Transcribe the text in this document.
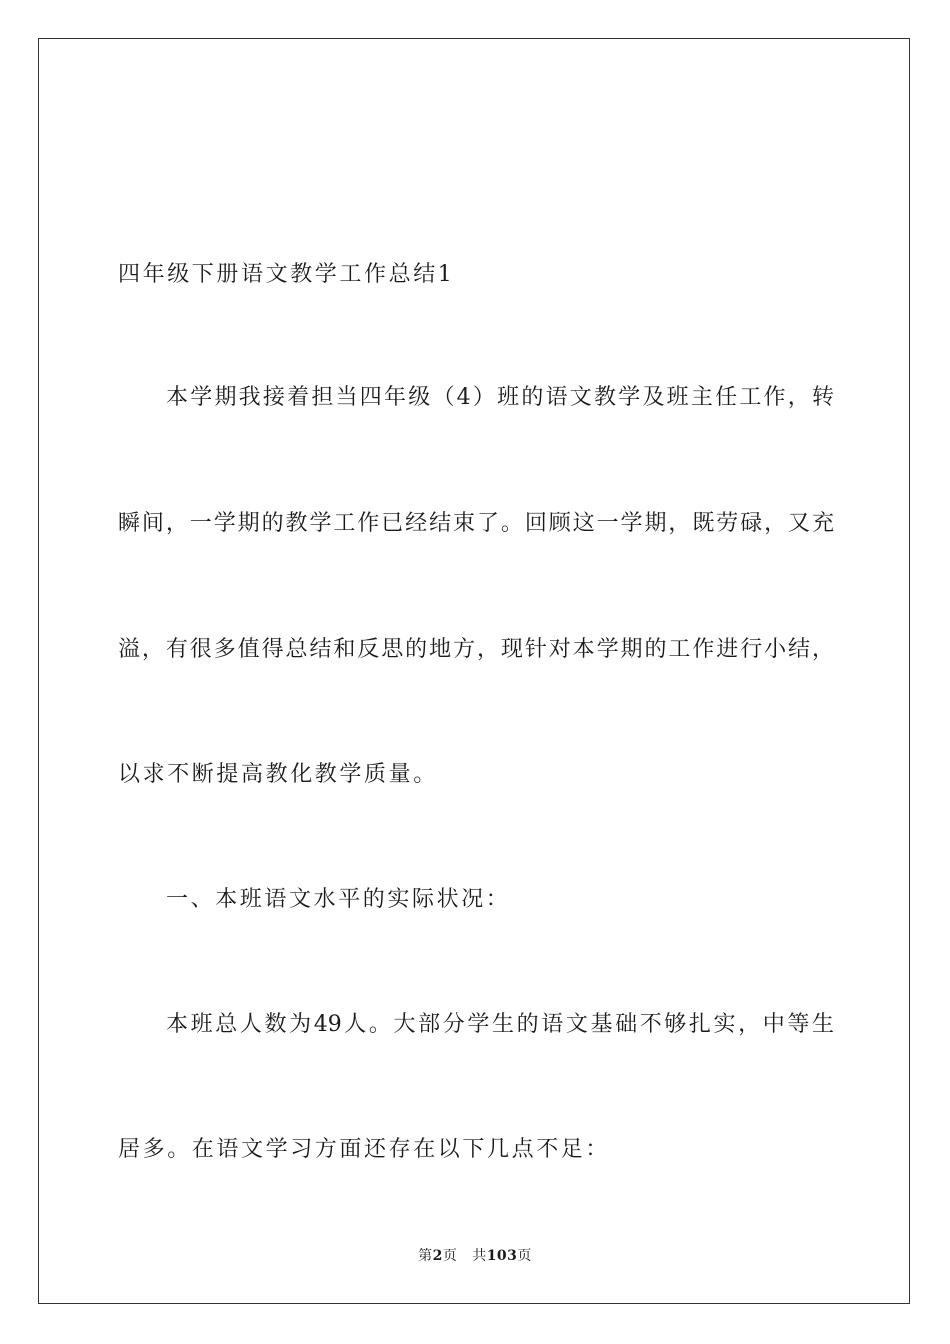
四年级下册语文教学工作总结1
本学期我接着担当四年级（4）班的语文教学及班主任工作，转
瞬间，一学期的教学工作已经结束了。回顾这一学期，既劳碌，又充
溢，有很多值得总结和反思的地方，现针对本学期的工作进行小结，
以求不断提高教化教学质量。
一、本班语文水平的实际状况：
本班总人数为49人。大部分学生的语文基础不够扎实，中等生
居多。在语文学习方面还存在以下几点不足：
第2页 共103页
